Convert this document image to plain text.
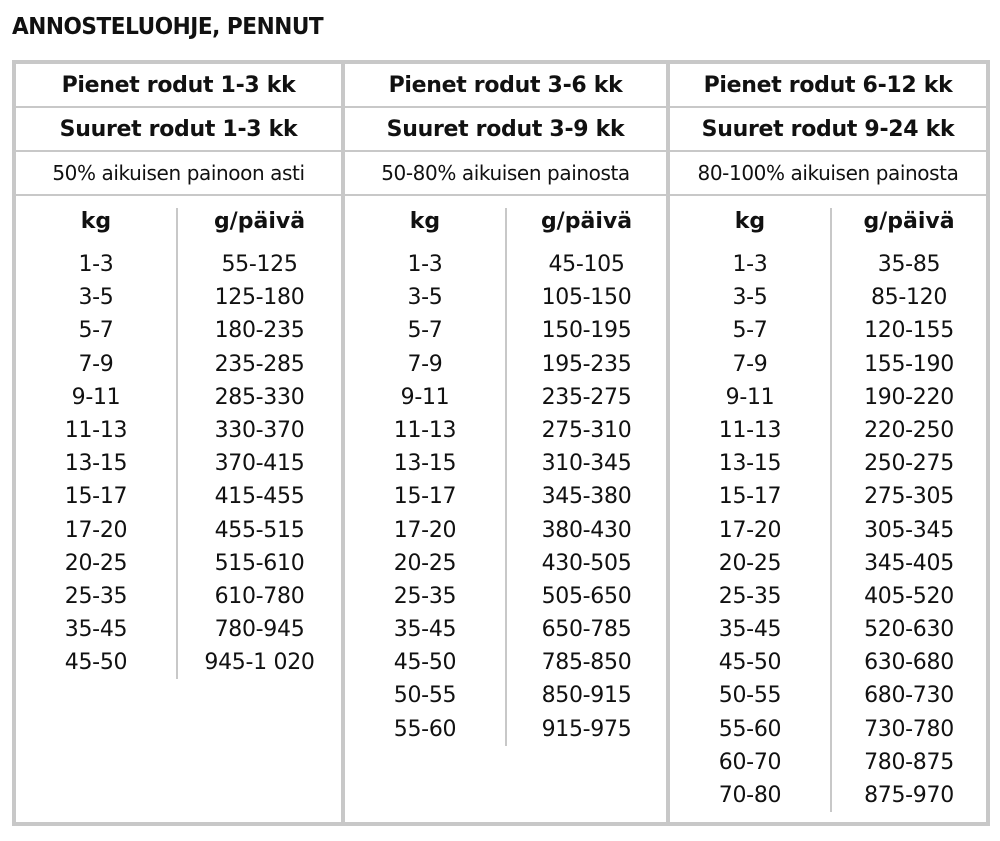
ANNOSTELUOHJE, PENNUT
Pienet rodut 1-3 kk
Suuret rodut 1-3 kk
50% aikuisen painoon asti
kg
1-3
3-5
5-7
7-9
9-11
11-13
13-15
15-17
17-20
20-25
25-35
35-45
45-50
g/päivä
55-125
125-180
180-235
235-285
285-330
330-370
370-415
415-455
455-515
515-610
610-780
780-945
945-1 020
Pienet rodut 3-6 kk
Suuret rodut 3-9 kk
50-80% aikuisen painosta
kg
1-3
3-5
5-7
7-9
9-11
11-13
13-15
15-17
17-20
20-25
25-35
35-45
45-50
50-55
55-60
g/päivä
45-105
105-150
150-195
195-235
235-275
275-310
310-345
345-380
380-430
430-505
505-650
650-785
785-850
850-915
915-975
Pienet rodut 6-12 kk
Suuret rodut 9-24 kk
80-100% aikuisen painosta
kg
1-3
3-5
5-7
7-9
9-11
11-13
13-15
15-17
17-20
20-25
25-35
35-45
45-50
50-55
55-60
60-70
70-80
g/päivä
35-85
85-120
120-155
155-190
190-220
220-250
250-275
275-305
305-345
345-405
405-520
520-630
630-680
680-730
730-780
780-875
875-970
